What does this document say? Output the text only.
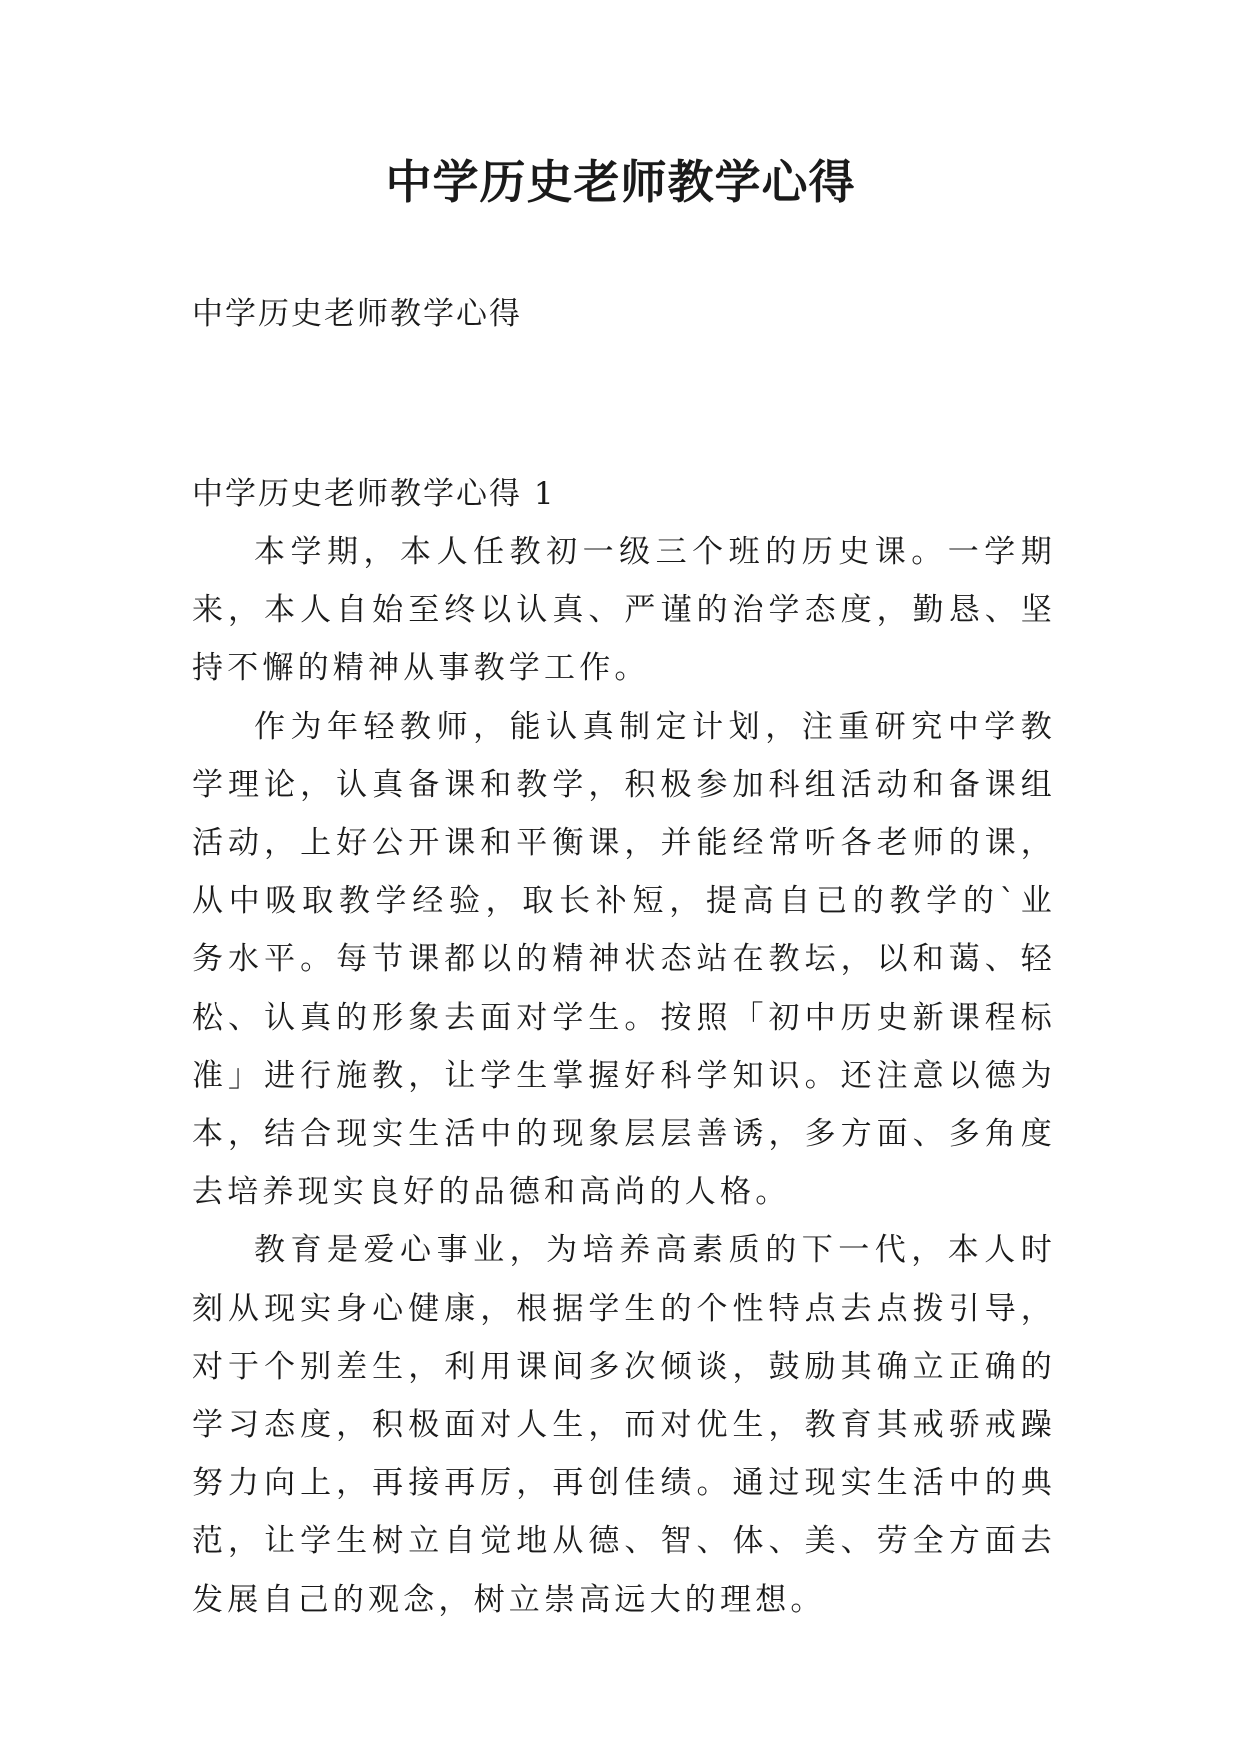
中学历史老师教学心得

中学历史老师教学心得

中学历史老师教学心得 1

本学期，本人任教初一级三个班的历史课。一学期来，本人自始至终以认真、严谨的治学态度，勤恳、坚持不懈的精神从事教学工作。

作为年轻教师，能认真制定计划，注重研究中学教学理论，认真备课和教学，积极参加科组活动和备课组活动，上好公开课和平衡课，并能经常听各老师的课，从中吸取教学经验，取长补短，提高自已的教学的`业务水平。每节课都以的精神状态站在教坛，以和蔼、轻松、认真的形象去面对学生。按照「初中历史新课程标准」进行施教，让学生掌握好科学知识。还注意以德为本，结合现实生活中的现象层层善诱，多方面、多角度去培养现实良好的品德和高尚的人格。

教育是爱心事业，为培养高素质的下一代，本人时刻从现实身心健康，根据学生的个性特点去点拨引导，对于个别差生，利用课间多次倾谈，鼓励其确立正确的学习态度，积极面对人生，而对优生，教育其戒骄戒躁努力向上，再接再厉，再创佳绩。通过现实生活中的典范，让学生树立自觉地从德、智、体、美、劳全方面去发展自己的观念，树立崇高远大的理想。
